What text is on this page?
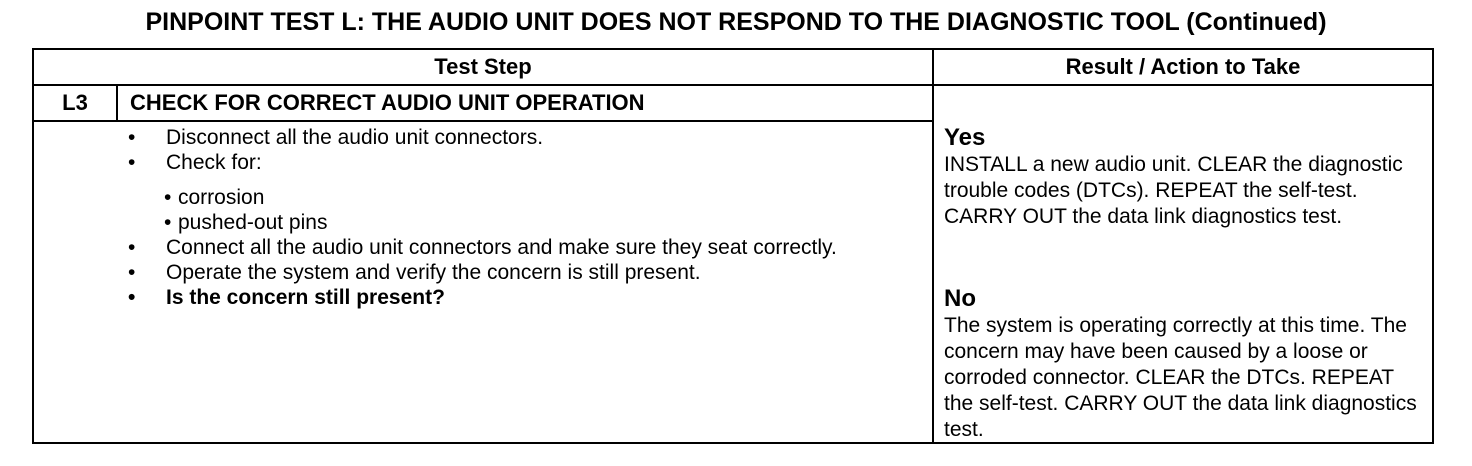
PINPOINT TEST L: THE AUDIO UNIT DOES NOT RESPOND TO THE DIAGNOSTIC TOOL (Continued)
Test Step	Result / Action to Take
L3	CHECK FOR CORRECT AUDIO UNIT OPERATION
• Disconnect all the audio unit connectors.
• Check for:
• corrosion
• pushed-out pins
• Connect all the audio unit connectors and make sure they seat correctly.
• Operate the system and verify the concern is still present.
• Is the concern still present?
Yes
INSTALL a new audio unit. CLEAR the diagnostic trouble codes (DTCs). REPEAT the self-test. CARRY OUT the data link diagnostics test.
No
The system is operating correctly at this time. The concern may have been caused by a loose or corroded connector. CLEAR the DTCs. REPEAT the self-test. CARRY OUT the data link diagnostics test.
